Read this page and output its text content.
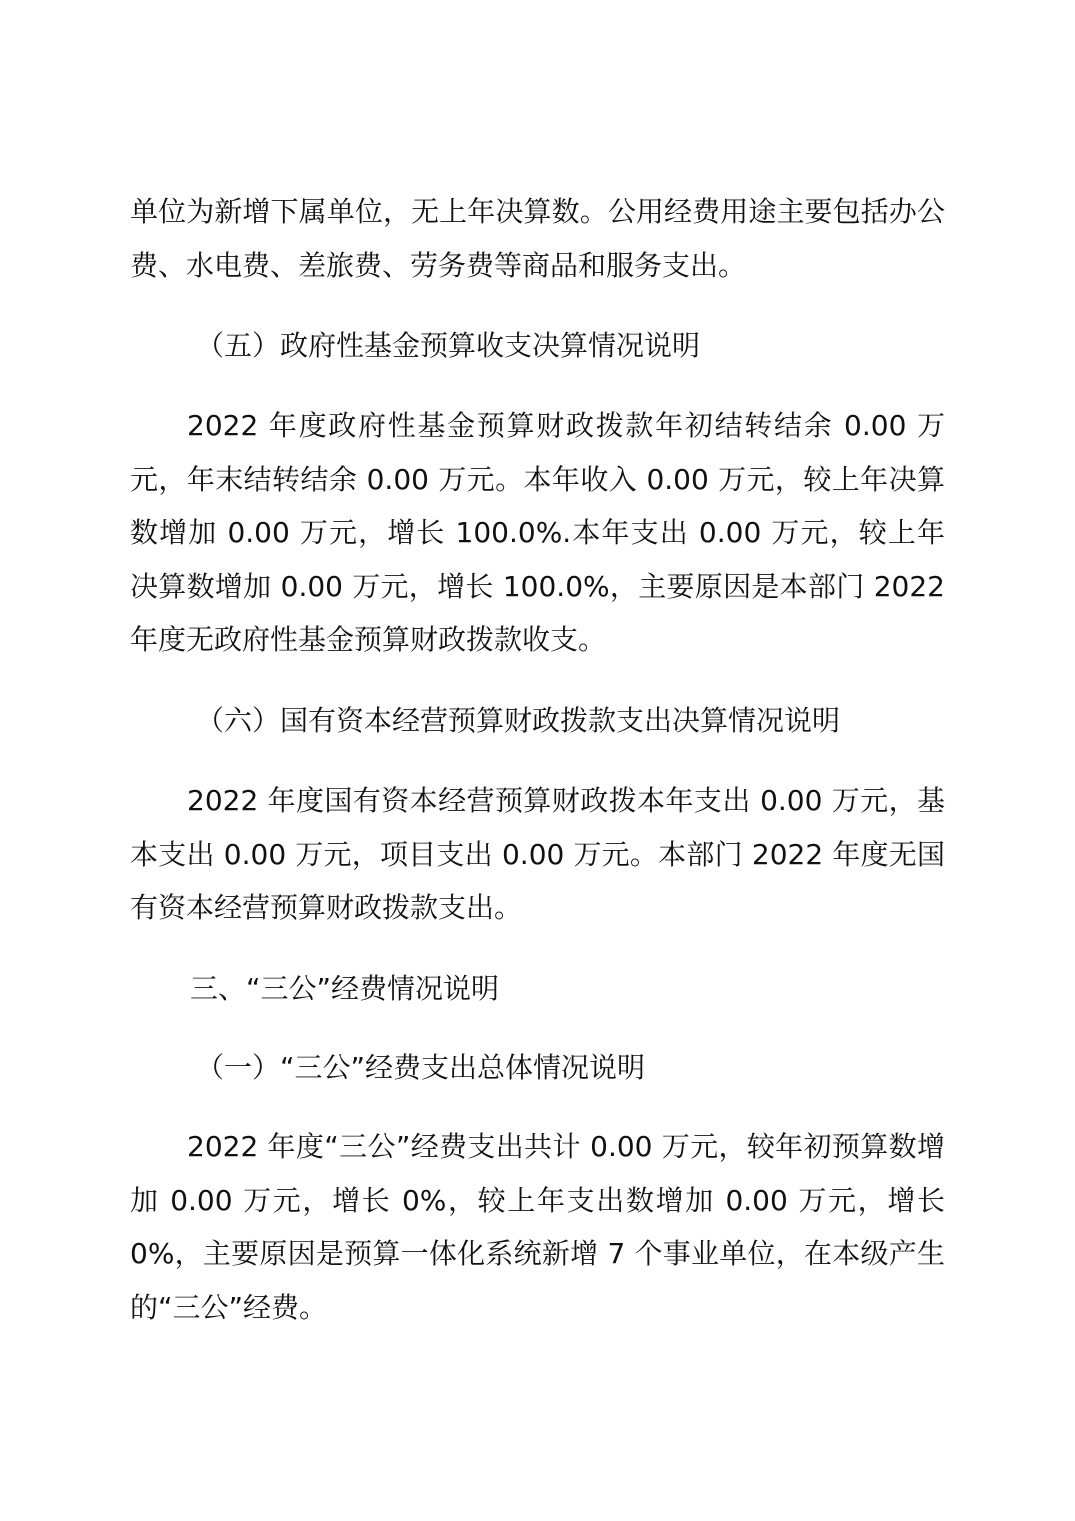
单位为新增下属单位，无上年决算数。公用经费用途主要包括办公费、水电费、差旅费、劳务费等商品和服务支出。

（五）政府性基金预算收支决算情况说明

2022 年度政府性基金预算财政拨款年初结转结余 0.00 万元，年末结转结余 0.00 万元。本年收入 0.00 万元，较上年决算数增加 0.00 万元，增长 100.0%.本年支出 0.00 万元，较上年决算数增加 0.00 万元，增长 100.0%，主要原因是本部门 2022 年度无政府性基金预算财政拨款收支。

（六）国有资本经营预算财政拨款支出决算情况说明

2022 年度国有资本经营预算财政拨本年支出 0.00 万元，基本支出 0.00 万元，项目支出 0.00 万元。本部门 2022 年度无国有资本经营预算财政拨款支出。

三、“三公”经费情况说明

（一）“三公”经费支出总体情况说明

2022 年度“三公”经费支出共计 0.00 万元，较年初预算数增加 0.00 万元，增长 0%，较上年支出数增加 0.00 万元，增长 0%，主要原因是预算一体化系统新增 7 个事业单位，在本级产生的“三公”经费。
